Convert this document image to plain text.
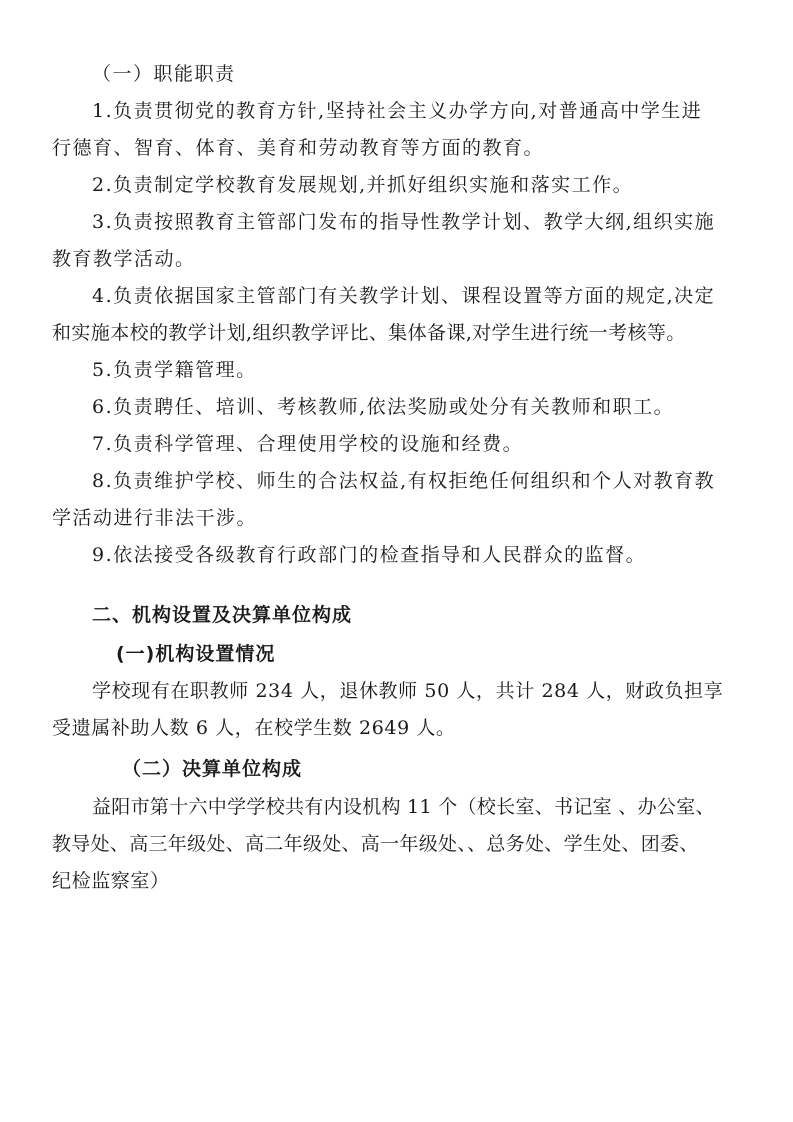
（一）职能职责
1.负责贯彻党的教育方针,坚持社会主义办学方向,对普通高中学生进
行德育、智育、体育、美育和劳动教育等方面的教育。
2.负责制定学校教育发展规划,并抓好组织实施和落实工作。
3.负责按照教育主管部门发布的指导性教学计划、教学大纲,组织实施
教育教学活动。
4.负责依据国家主管部门有关教学计划、课程设置等方面的规定,决定
和实施本校的教学计划,组织教学评比、集体备课,对学生进行统一考核等。
5.负责学籍管理。
6.负责聘任、培训、考核教师,依法奖励或处分有关教师和职工。
7.负责科学管理、合理使用学校的设施和经费。
8.负责维护学校、师生的合法权益,有权拒绝任何组织和个人对教育教
学活动进行非法干涉。
9.依法接受各级教育行政部门的检查指导和人民群众的监督。
二、机构设置及决算单位构成
(一)机构设置情况
学校现有在职教师 234 人，退休教师 50 人，共计 284 人，财政负担享
受遗属补助人数 6 人，在校学生数 2649 人。
（二）决算单位构成
益阳市第十六中学学校共有内设机构 11 个（校长室、书记室 、办公室、
教导处、高三年级处、高二年级处、高一年级处、、总务处、学生处、团委、
纪检监察室）
